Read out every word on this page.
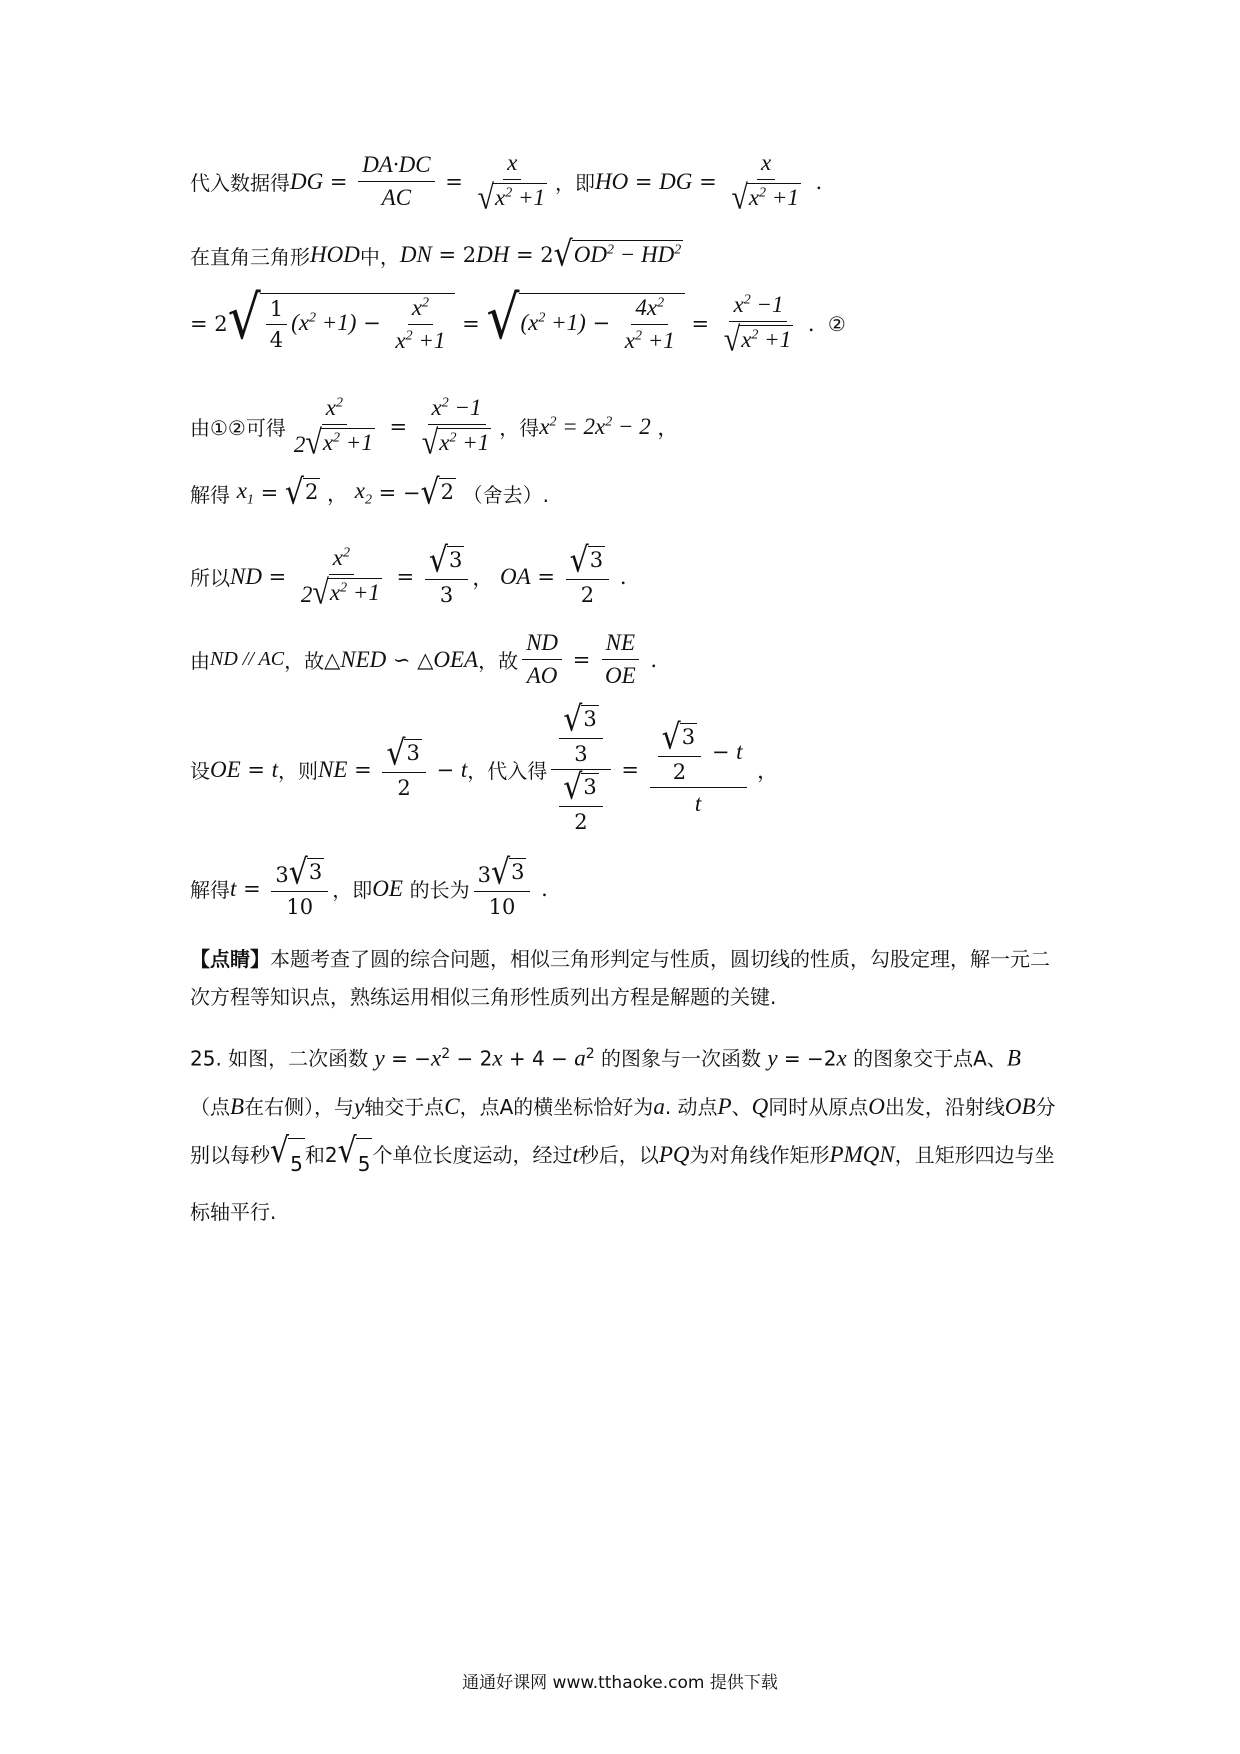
代入数据得 DG = $\frac{DA\cdot DC}{AC} = \frac{x}{√ x^2 +1}$ ，即 HO = DG = $\frac{x}{√ x^2 +1}$ .
在直角三角形 HOD 中， DN = 2 DH = 2 √ $OD^2 - HD^2$
= 2 √ $\frac{1}{4} (x^2 +1) - \frac{x^2}{x^2 +1}$ = √ $(x^2 +1) - \frac{4x^2}{x^2 +1} = \frac{x^2 -1}{√ x^2 +1}$ . ②
由①②可得 $\frac{x^2}{2 √ x^2 +1} = \frac{x^2 -1}{√ x^2 +1}$ ，得 $x^2 = 2x^2 - 2$ ，
解得
$x_1$ = √ 2 ， $x_2$ = − √ 2
（舍去）.
所以 ND = $\frac{x^2}{2 √ x^2 +1} = \frac{√ 3}{3}$ ， OA = $\frac{√ 3}{2}$ .
由 ND // AC ，故 △ NED ∽ △ OEA ，故 $\frac{ND}{AO} = \frac{NE}{OE}$ .
设 OE = t ，则 NE = $\frac{√ 3}{2} - t$ ，代入得 $\frac{\frac{√ 3}{3}}{\frac{√ 3}{2}} = \frac{\frac{√ 3}{2} - t}{t}$ ，
解得 $t = \frac{3 √ 3}{10}$ ，即 OE
的长为 $\frac{3 √ 3}{10}$ .
【点睛】本题考查了圆的综合问题，相似三角形判定与性质，圆切线的性质，勾股定理，解一元二次方程等知识点，熟练运用相似三角形性质列出方程是解题的关键.
25. 如图，二次函数 $y = -x^2 - 2x + 4 - a^2$ 的图象与一次函数 y = −2x 的图象交于点A、B（点B在右侧），与y轴交于点C，点A的横坐标恰好为a. 动点P、Q同时从原点O出发，沿射线OB分别以每秒 √ 5 和2 √ 5 个单位长度运动，经过t秒后，以PQ为对角线作矩形PMQN，且矩形四边与坐标轴平行.
通通好课网 www.tthaoke.com 提供下载
